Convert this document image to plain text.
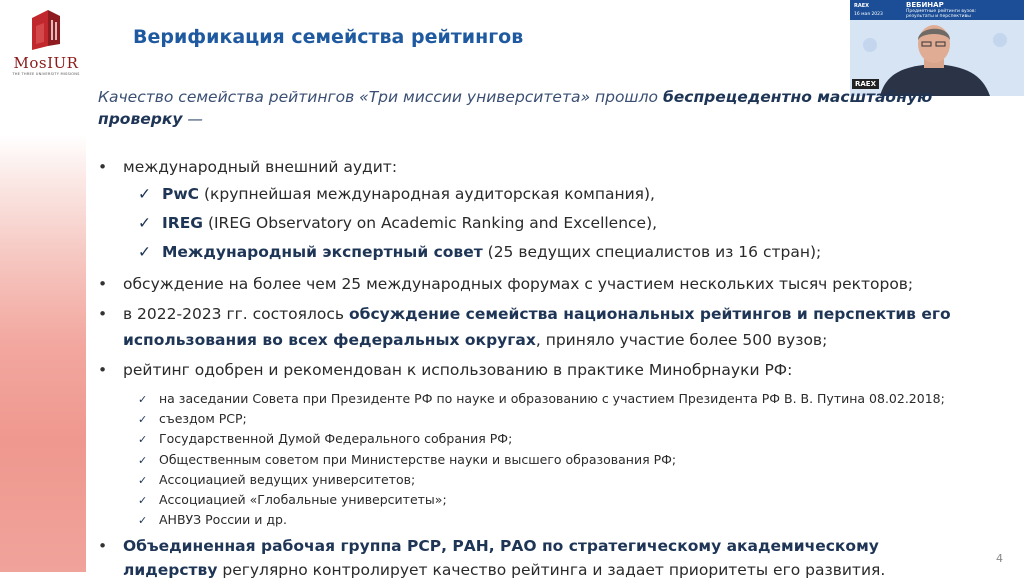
MosIUR
THE THREE UNIVERSITY MISSIONS
Верификация семейства рейтингов
RAEX
16 мая 2023
ВЕБИНАР
Предметные рейтинги вузов: результаты и перспективы
RAEX

Качество семейства рейтингов «Три миссии университета» прошло беспрецедентно масштабную проверку —

• международный внешний аудит:
✓ PwC (крупнейшая международная аудиторская компания),
✓ IREG (IREG Observatory on Academic Ranking and Excellence),
✓ Международный экспертный совет (25 ведущих специалистов из 16 стран);
• обсуждение на более чем 25 международных форумах с участием нескольких тысяч ректоров;
• в 2022-2023 гг. состоялось обсуждение семейства национальных рейтингов и перспектив его использования во всех федеральных округах, приняло участие более 500 вузов;
• рейтинг одобрен и рекомендован к использованию в практике Минобрнауки РФ:
✓ на заседании Совета при Президенте РФ по науке и образованию с участием Президента РФ В. В. Путина 08.02.2018;
✓ съездом РСР;
✓ Государственной Думой Федерального собрания РФ;
✓ Общественным советом при Министерстве науки и высшего образования РФ;
✓ Ассоциацией ведущих университетов;
✓ Ассоциацией «Глобальные университеты»;
✓ АНВУЗ России и др.
• Объединенная рабочая группа РСР, РАН, РАО по стратегическому академическому лидерству регулярно контролирует качество рейтинга и задает приоритеты его развития.
4
